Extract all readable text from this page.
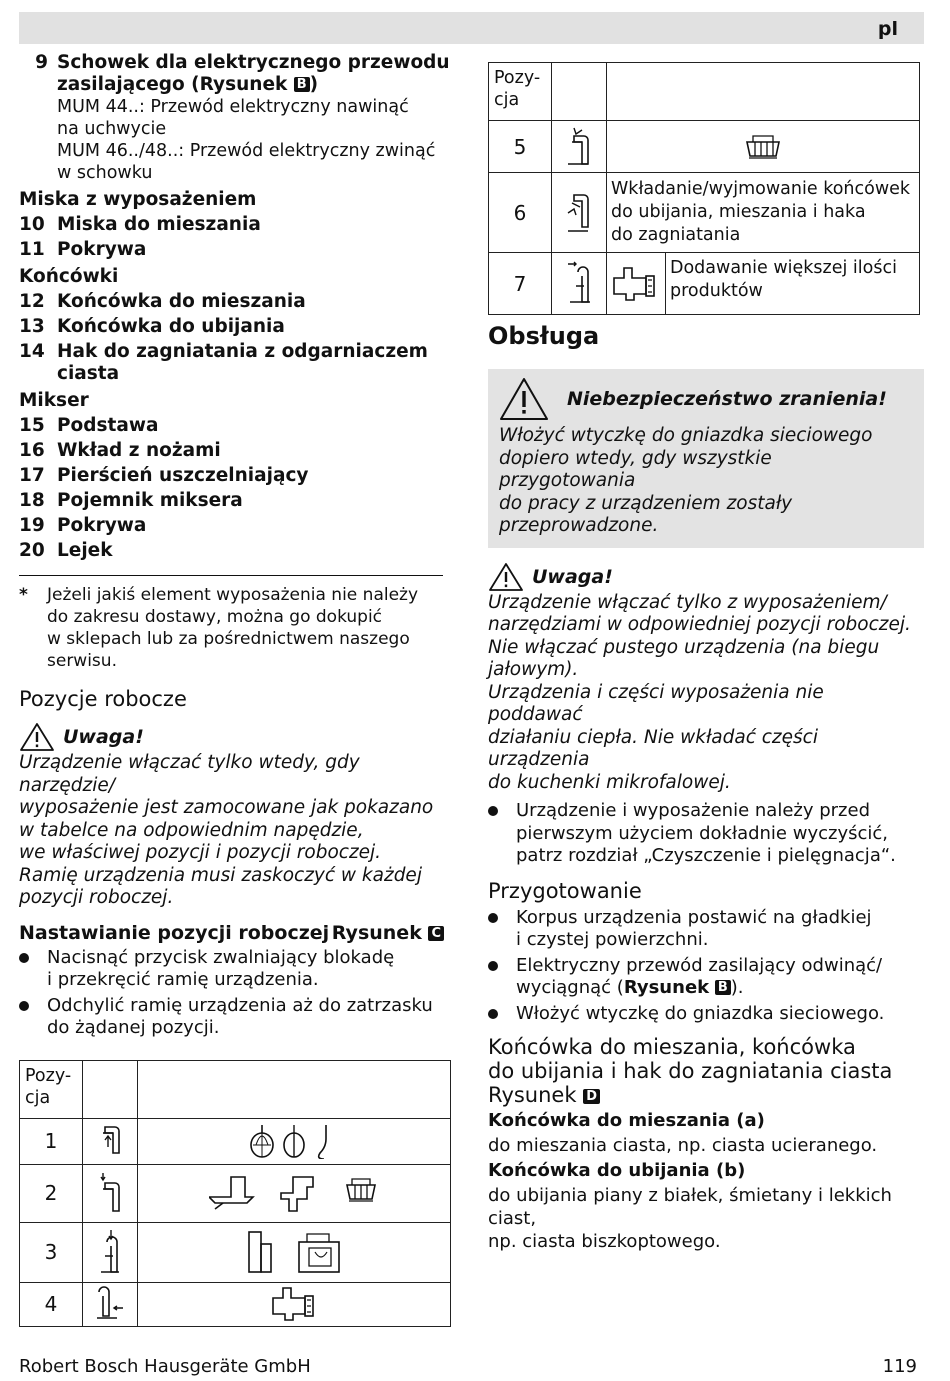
pl
9 Schowek dla elektrycznego przewodu
zasilającego (Rysunek B )
MUM 44..: Przewód elektryczny nawinąć
na uchwycie
MUM 46../48..: Przewód elektryczny zwinąć
w schowku
Miska z wyposażeniem
10 Miska do mieszania
11 Pokrywa
Końcówki
12 Końcówka do mieszania
13 Końcówka do ubijania
14 Hak do zagniatania z odgarniaczem
ciasta
Mikser
15 Podstawa
16 Wkład z nożami
17 Pierścień uszczelniający
18 Pojemnik miksera
19 Pokrywa
20 Lejek
*	Jeżeli jakiś element wyposażenia nie należy
do zakresu dostawy, można go dokupić
w sklepach lub za pośrednictwem naszego
serwisu.
Pozycje robocze
Uwaga!
Urządzenie włączać tylko wtedy, gdy narzędzie/
wyposażenie jest zamocowane jak pokazano
w tabelce na odpowiednim napędzie,
we właściwej pozycji i pozycji roboczej.
Ramię urządzenia musi zaskoczyć w każdej
pozycji roboczej.
Nastawianie pozycji roboczej Rysunek C
Nacisnąć przycisk zwalniający blokadę
i przekręcić ramię urządzenia.
Odchylić ramię urządzenia aż do zatrzasku
do żądanej pozycji.
Pozy-
cja		
1	

2	

3	

4	

Pozy-
cja			
5	

6		Wkładanie/wyjmowanie końcówek
do ubijania, mieszania i haka
do zagniatania	
7			Dodawanie większej ilości
produktów
Obsługa
Niebezpieczeństwo zranienia!
Włożyć wtyczkę do gniazdka sieciowego
dopiero wtedy, gdy wszystkie przygotowania
do pracy z urządzeniem zostały
przeprowadzone.
Uwaga!
Urządzenie włączać tylko z wyposażeniem/
narzędziami w odpowiedniej pozycji roboczej.
Nie włączać pustego urządzenia (na biegu
jałowym).
Urządzenia i części wyposażenia nie poddawać
działaniu ciepła. Nie wkładać części urządzenia
do kuchenki mikrofalowej.
Urządzenie i wyposażenie należy przed
pierwszym użyciem dokładnie wyczyścić,
patrz rozdział „Czyszczenie i pielęgnacja“.
Przygotowanie
Korpus urządzenia postawić na gładkiej
i czystej powierzchni.
Elektryczny przewód zasilający odwinąć/
wyciągnąć (Rysunek B ).
Włożyć wtyczkę do gniazdka sieciowego.
Końcówka do mieszania, końcówka
do ubijania i hak do zagniatania ciasta
Rysunek D
Końcówka do mieszania (a)
do mieszania ciasta, np. ciasta ucieranego.
Końcówka do ubijania (b)
do ubijania piany z białek, śmietany i lekkich ciast,
np. ciasta biszkoptowego.
Robert Bosch Hausgeräte GmbH	119
